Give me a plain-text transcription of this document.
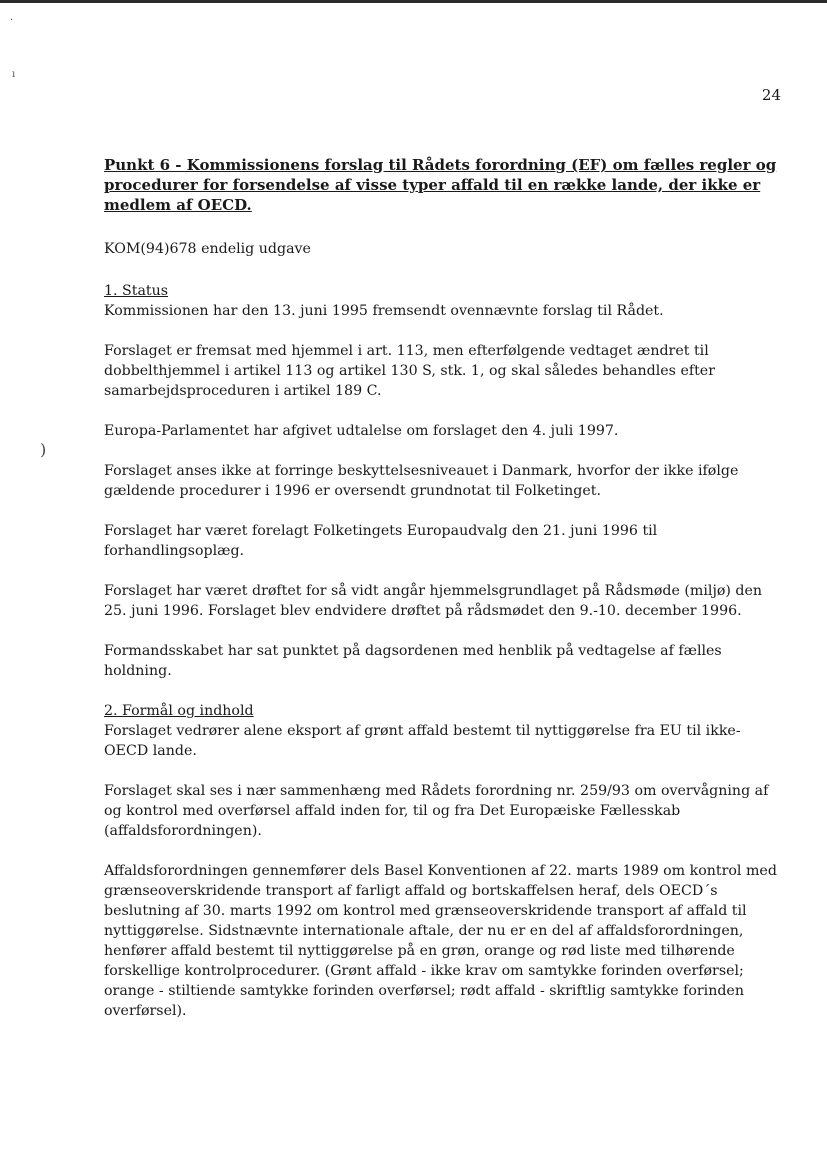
·
ı
)
24
Punkt 6 - Kommissionens forslag til Rådets forordning (EF) om fælles regler og procedurer for forsendelse af visse typer affald til en række lande, der ikke er medlem af OECD.
KOM(94)678 endelig udgave
1. Status

Kommissionen har den 13. juni 1995 fremsendt ovennævnte forslag til Rådet.

Forslaget er fremsat med hjemmel i art. 113, men efterfølgende vedtaget ændret til dobbelthjemmel i artikel 113 og artikel 130 S, stk. 1, og skal således behandles efter samarbejdsproceduren i artikel 189 C.

Europa-Parlamentet har afgivet udtalelse om forslaget den 4. juli 1997.

Forslaget anses ikke at forringe beskyttelsesniveauet i Danmark, hvorfor der ikke ifølge gældende procedurer i 1996 er oversendt grundnotat til Folketinget.

Forslaget har været forelagt Folketingets Europaudvalg den 21. juni 1996 til forhandlingsoplæg.

Forslaget har været drøftet for så vidt angår hjemmelsgrundlaget på Rådsmøde (miljø) den 25. juni 1996. Forslaget blev endvidere drøftet på rådsmødet den 9.-10. december 1996.

Formandsskabet har sat punktet på dagsordenen med henblik på vedtagelse af fælles holdning.

2. Formål og indhold

Forslaget vedrører alene eksport af grønt affald bestemt til nyttiggørelse fra EU til ikke-OECD lande.

Forslaget skal ses i nær sammenhæng med Rådets forordning nr. 259/93 om overvågning af og kontrol med overførsel affald inden for, til og fra Det Europæiske Fællesskab (affaldsforordningen).

Affaldsforordningen gennemfører dels Basel Konventionen af 22. marts 1989 om kontrol med grænseoverskridende transport af farligt affald og bortskaffelsen heraf, dels OECD´s beslutning af 30. marts 1992 om kontrol med grænseoverskridende transport af affald til nyttiggørelse. Sidstnævnte internationale aftale, der nu er en del af affaldsforordningen, henfører affald bestemt til nyttiggørelse på en grøn, orange og rød liste med tilhørende forskellige kontrolprocedurer. (Grønt affald - ikke krav om samtykke forinden overførsel; orange - stiltiende samtykke forinden overførsel; rødt affald - skriftlig samtykke forinden overførsel).
